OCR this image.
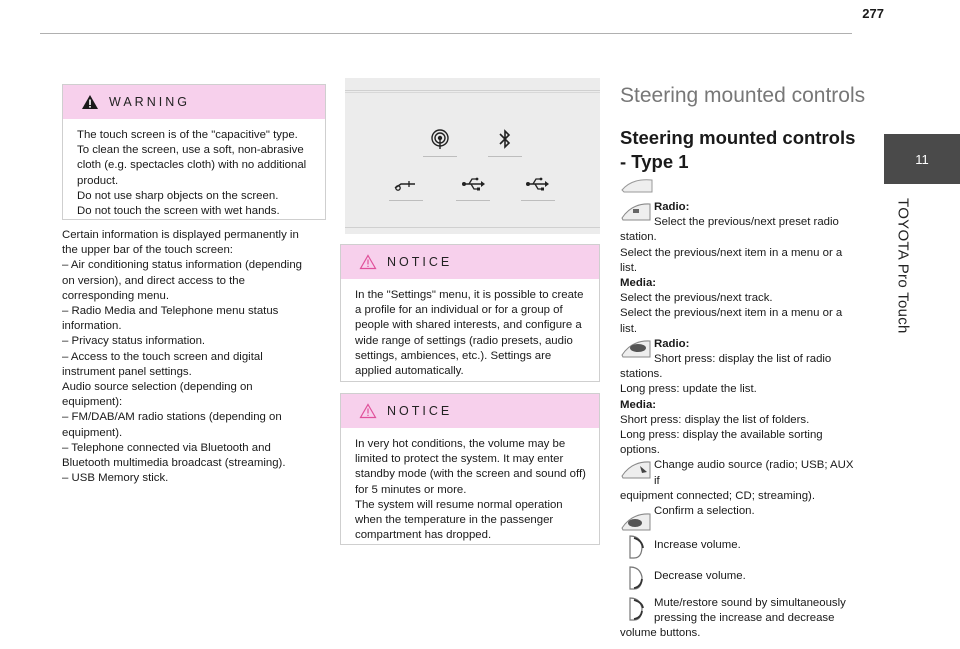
277
11
TOYOTA Pro Touch
WARNING
The touch screen is of the "capacitive" type.
To clean the screen, use a soft, non-abrasive
cloth (e.g. spectacles cloth) with no additional
product.
Do not use sharp objects on the screen.
Do not touch the screen with wet hands.
Certain information is displayed permanently in
the upper bar of the touch screen:
– Air conditioning status information (depending
on version), and direct access to the
corresponding menu.
– Radio Media and Telephone menu status
information.
– Privacy status information.
– Access to the touch screen and digital
instrument panel settings.
Audio source selection (depending on
equipment):
– FM/DAB/AM radio stations (depending on
equipment).
– Telephone connected via Bluetooth and
Bluetooth multimedia broadcast (streaming).
– USB Memory stick.
NOTICE
In the "Settings" menu, it is possible to create
a profile for an individual or for a group of
people with shared interests, and configure a
wide range of settings (radio presets, audio
settings, ambiences, etc.). Settings are
applied automatically.
NOTICE
In very hot conditions, the volume may be
limited to protect the system. It may enter
standby mode (with the screen and sound off)
for 5 minutes or more.
The system will resume normal operation
when the temperature in the passenger
compartment has dropped.
Steering mounted controls
Steering mounted controls - Type 1
Radio:
Select the previous/next preset radio
station.
Select the previous/next item in a menu or a list.
Media:
Select the previous/next track.
Select the previous/next item in a menu or a list.
Radio:
Short press: display the list of radio
stations.
Long press: update the list.
Media:
Short press: display the list of folders.
Long press: display the available sorting options.
Change audio source (radio; USB; AUX if
equipment connected; CD; streaming).
Confirm a selection.
Increase volume.
Decrease volume.
Mute/restore sound by simultaneously
pressing the increase and decrease
volume buttons.
